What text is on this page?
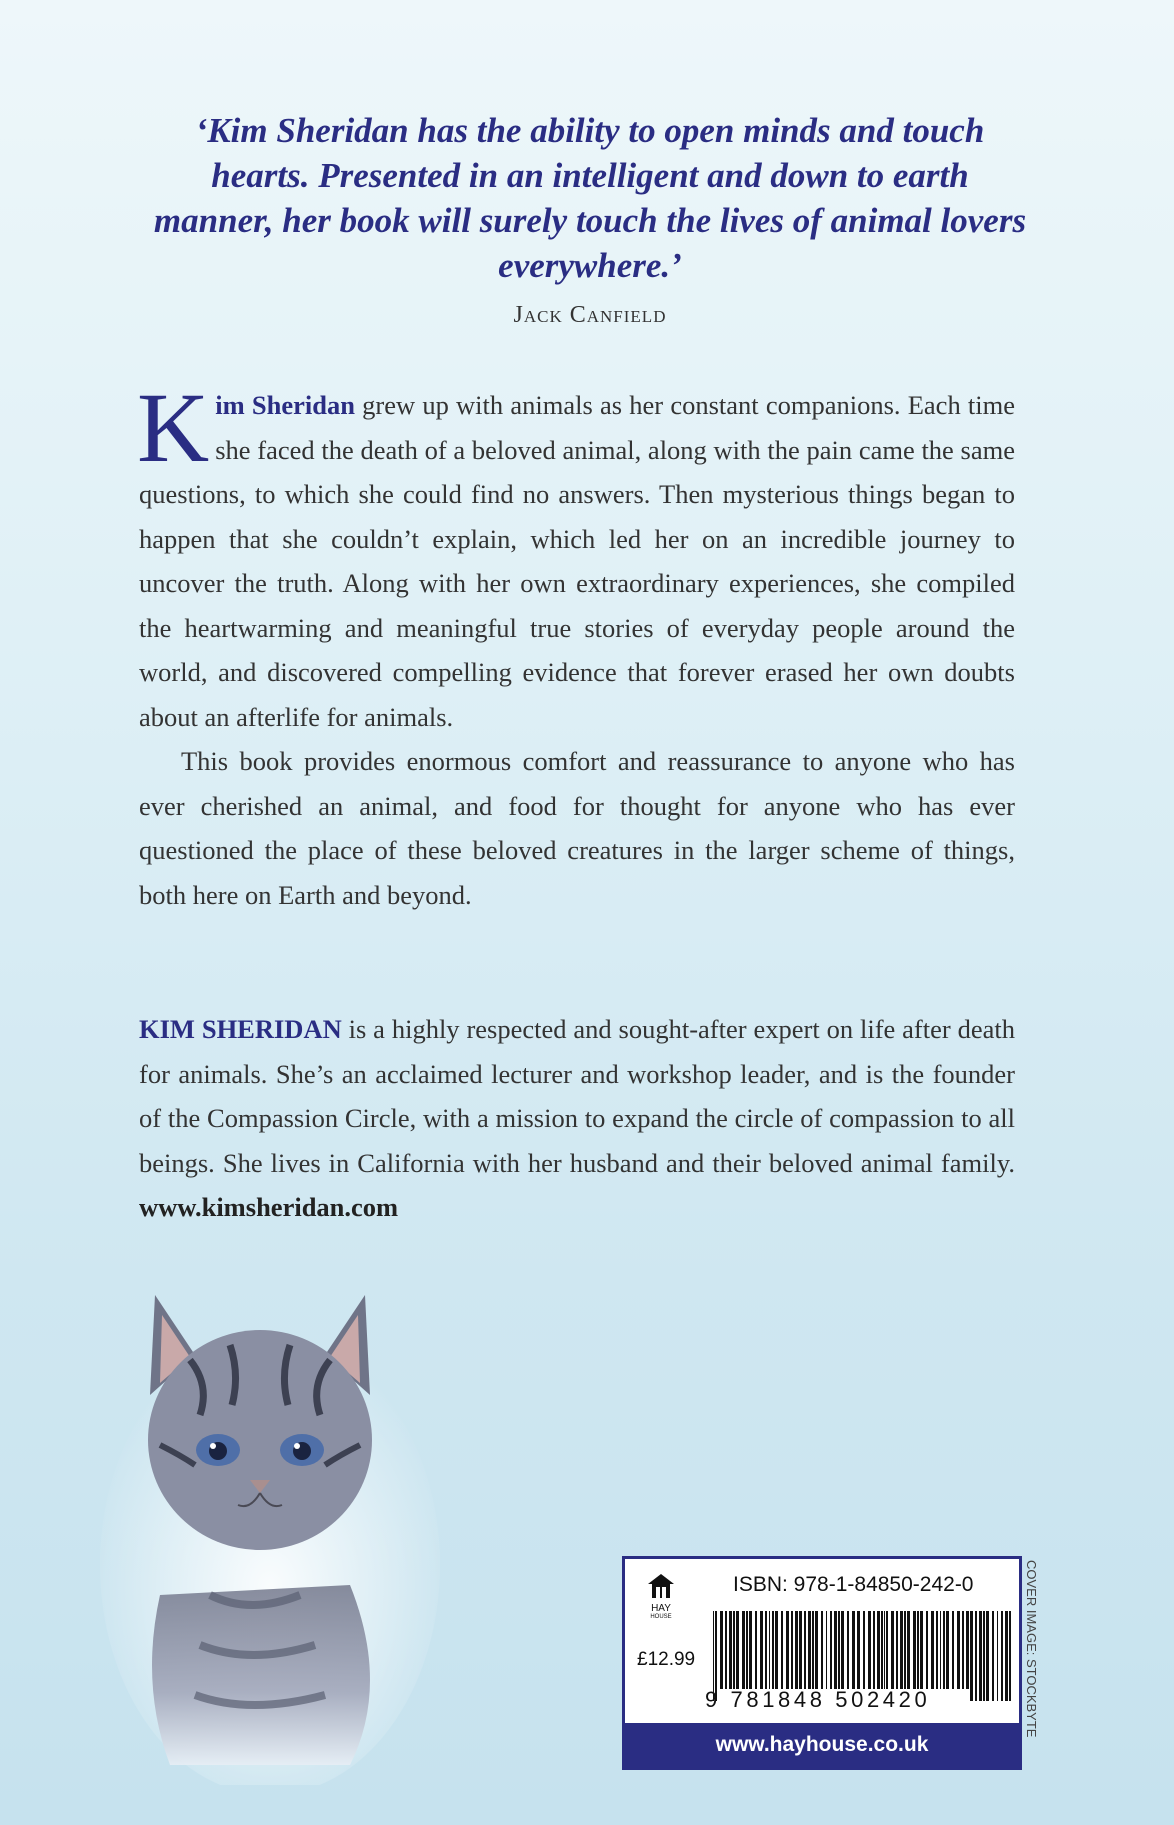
‘Kim Sheridan has the ability to open minds and touch hearts. Presented in an intelligent and down to earth manner, her book will surely touch the lives of animal lovers everywhere.’
Jack Canfield

Kim Sheridan grew up with animals as her constant companions. Each time she faced the death of a beloved animal, along with the pain came the same questions, to which she could find no answers. Then mysterious things began to happen that she couldn’t explain, which led her on an incredible journey to uncover the truth. Along with her own extraordinary experiences, she compiled the heartwarming and meaningful true stories of everyday people around the world, and discovered compelling evidence that forever erased her own doubts about an afterlife for animals.

This book provides enormous comfort and reassurance to anyone who has ever cherished an animal, and food for thought for anyone who has ever questioned the place of these beloved creatures in the larger scheme of things, both here on Earth and beyond.

KIM SHERIDAN is a highly respected and sought-after expert on life after death for animals. She’s an acclaimed lecturer and workshop leader, and is the founder of the Compassion Circle, with a mission to expand the circle of compassion to all beings. She lives in California with her husband and their beloved animal family. www.kimsheridan.com

HAY
HOUSE
£12.99
ISBN: 978-1-84850-242-0
9 781848 502420
www.hayhouse.co.uk
COVER IMAGE: STOCKBYTE
